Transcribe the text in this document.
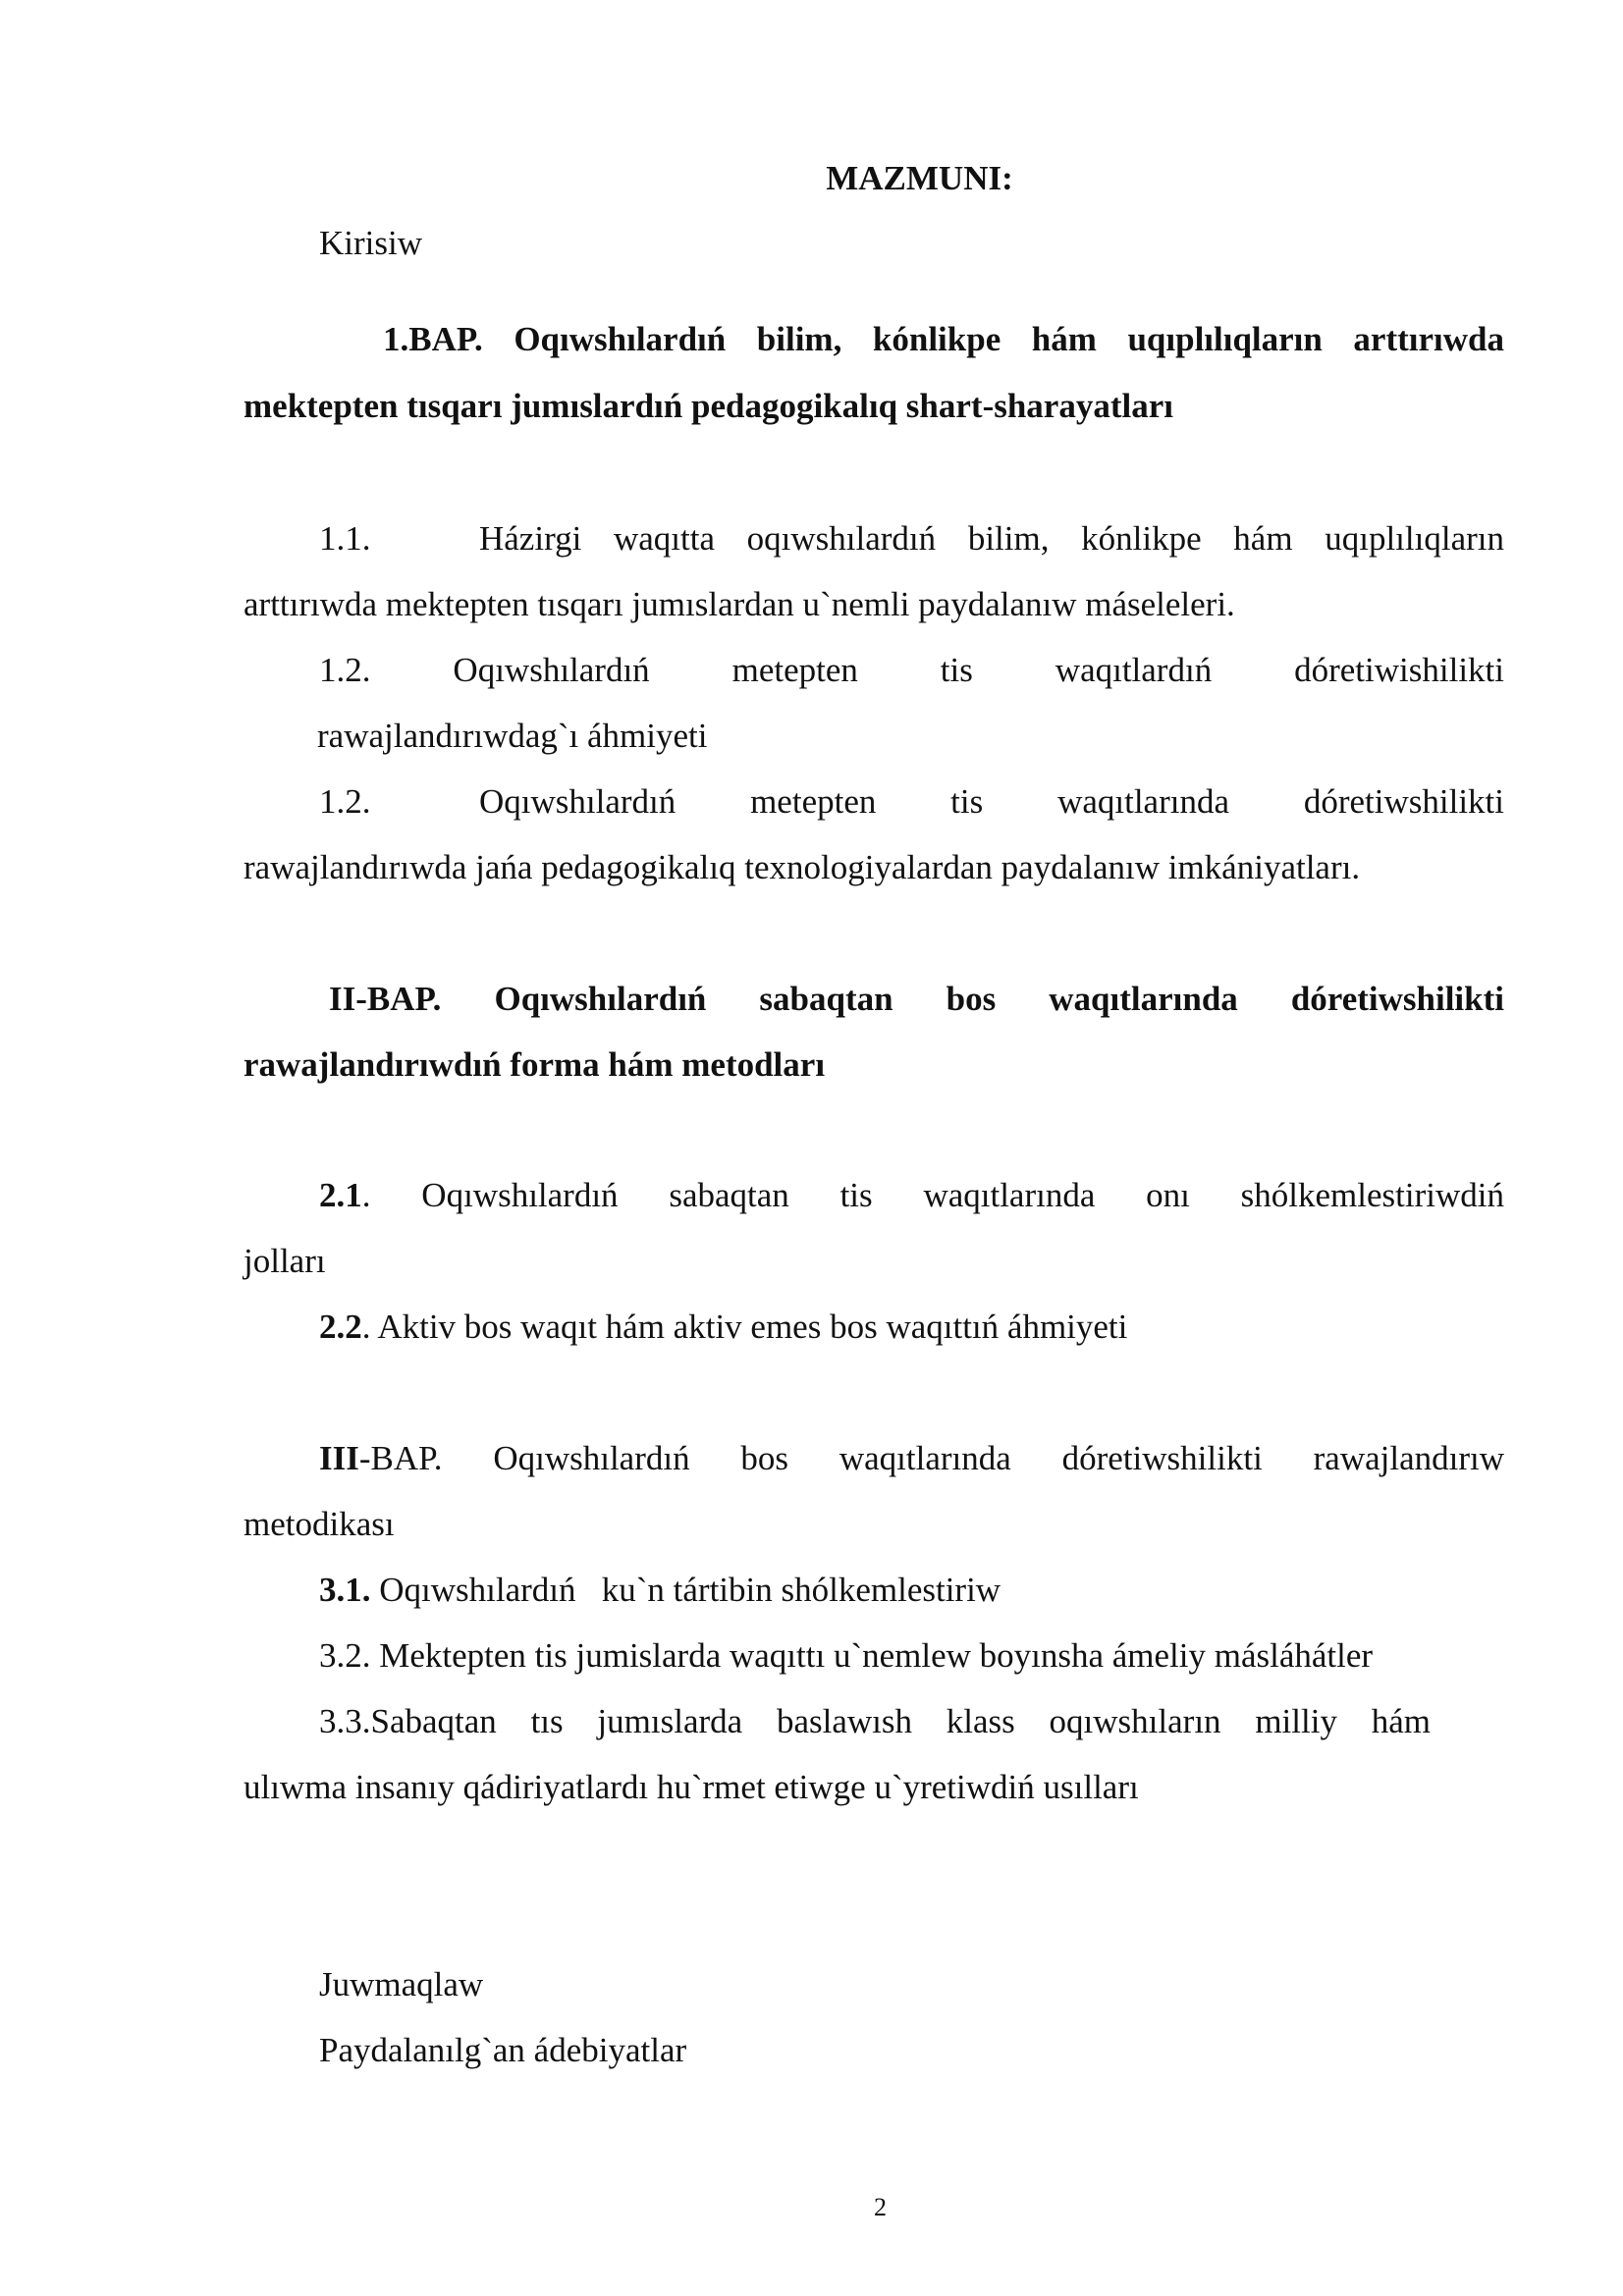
MAZMUNI:
Kirisiw
1.BAP. Oqıwshılardıń bilim, kónlikpe hám uqıplılıqların arttırıwda
mektepten tısqarı jumıslardıń pedagogikalıq shart-sharayatları
1.1.	Házirgi waqıtta oqıwshılardıń bilim, kónlikpe hám uqıplılıqların
arttırıwda mektepten tısqarı jumıslardan u`nemli paydalanıw máseleleri.
1.2. Oqıwshılardıń metepten tis waqıtlardıń dóretiwishilikti
rawajlandırıwdag`ı áhmiyeti
1.2.	Oqıwshılardıń metepten tis waqıtlarında dóretiwshilikti
rawajlandırıwda jańa pedagogikalıq texnologiyalardan paydalanıw imkániyatları.
II-BAP. Oqıwshılardıń sabaqtan bos waqıtlarında dóretiwshilikti
rawajlandırıwdıń forma hám metodları
2.1 . Oqıwshılardıń sabaqtan tis waqıtlarında onı shólkemlestiriwdiń
jolları
2.2. Aktiv bos waqıt hám aktiv emes bos waqıttıń áhmiyeti
III -BAP. Oqıwshılardıń bos waqıtlarında dóretiwshilikti rawajlandırıw
metodikası
3.1. Oqıwshılardıń   ku`n tártibin shólkemlestiriw
3.2. Mektepten tis jumislarda waqıttı u`nemlew boyınsha ámeliy másláhátler
3.3.Sabaqtan tıs jumıslarda baslawısh klass oqıwshıların milliy hám
ulıwma insanıy qádiriyatlardı hu`rmet etiwge u`yretiwdiń usılları
Juwmaqlaw
Paydalanılg`an ádebiyatlar
2
